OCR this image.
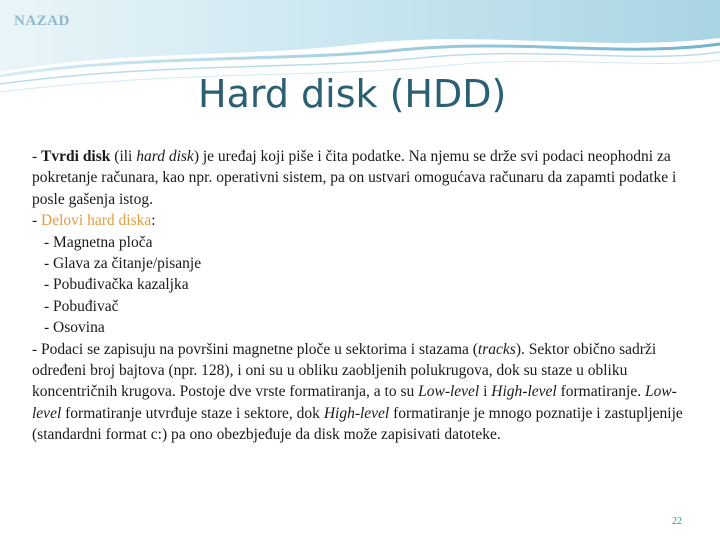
NAZAD
Hard disk (HDD)

- Tvrdi disk (ili hard disk) je uređaj koji piše i čita podatke. Na njemu se drže svi podaci neophodni za pokretanje računara, kao npr. operativni sistem, pa on ustvari omogućava računaru da zapamti podatke i posle gašenja istog.

- Delovi hard diska:

- Magnetna ploča
- Glava za čitanje/pisanje
- Pobuđivačka kazaljka
- Pobuđivač
- Osovina

- Podaci se zapisuju na površini magnetne ploče u sektorima i stazama (tracks). Sektor obično sadrži određeni broj bajtova (npr. 128), i oni su u obliku zaobljenih polukrugova, dok su staze u obliku koncentričnih krugova. Postoje dve vrste formatiranja, a to su Low-level i High-level formatiranje. Low-level formatiranje utvrđuje staze i sektore, dok High-level formatiranje je mnogo poznatije i zastupljenije (standardni format c:) pa ono obezbjeđuje da disk može zapisivati datoteke.

22
